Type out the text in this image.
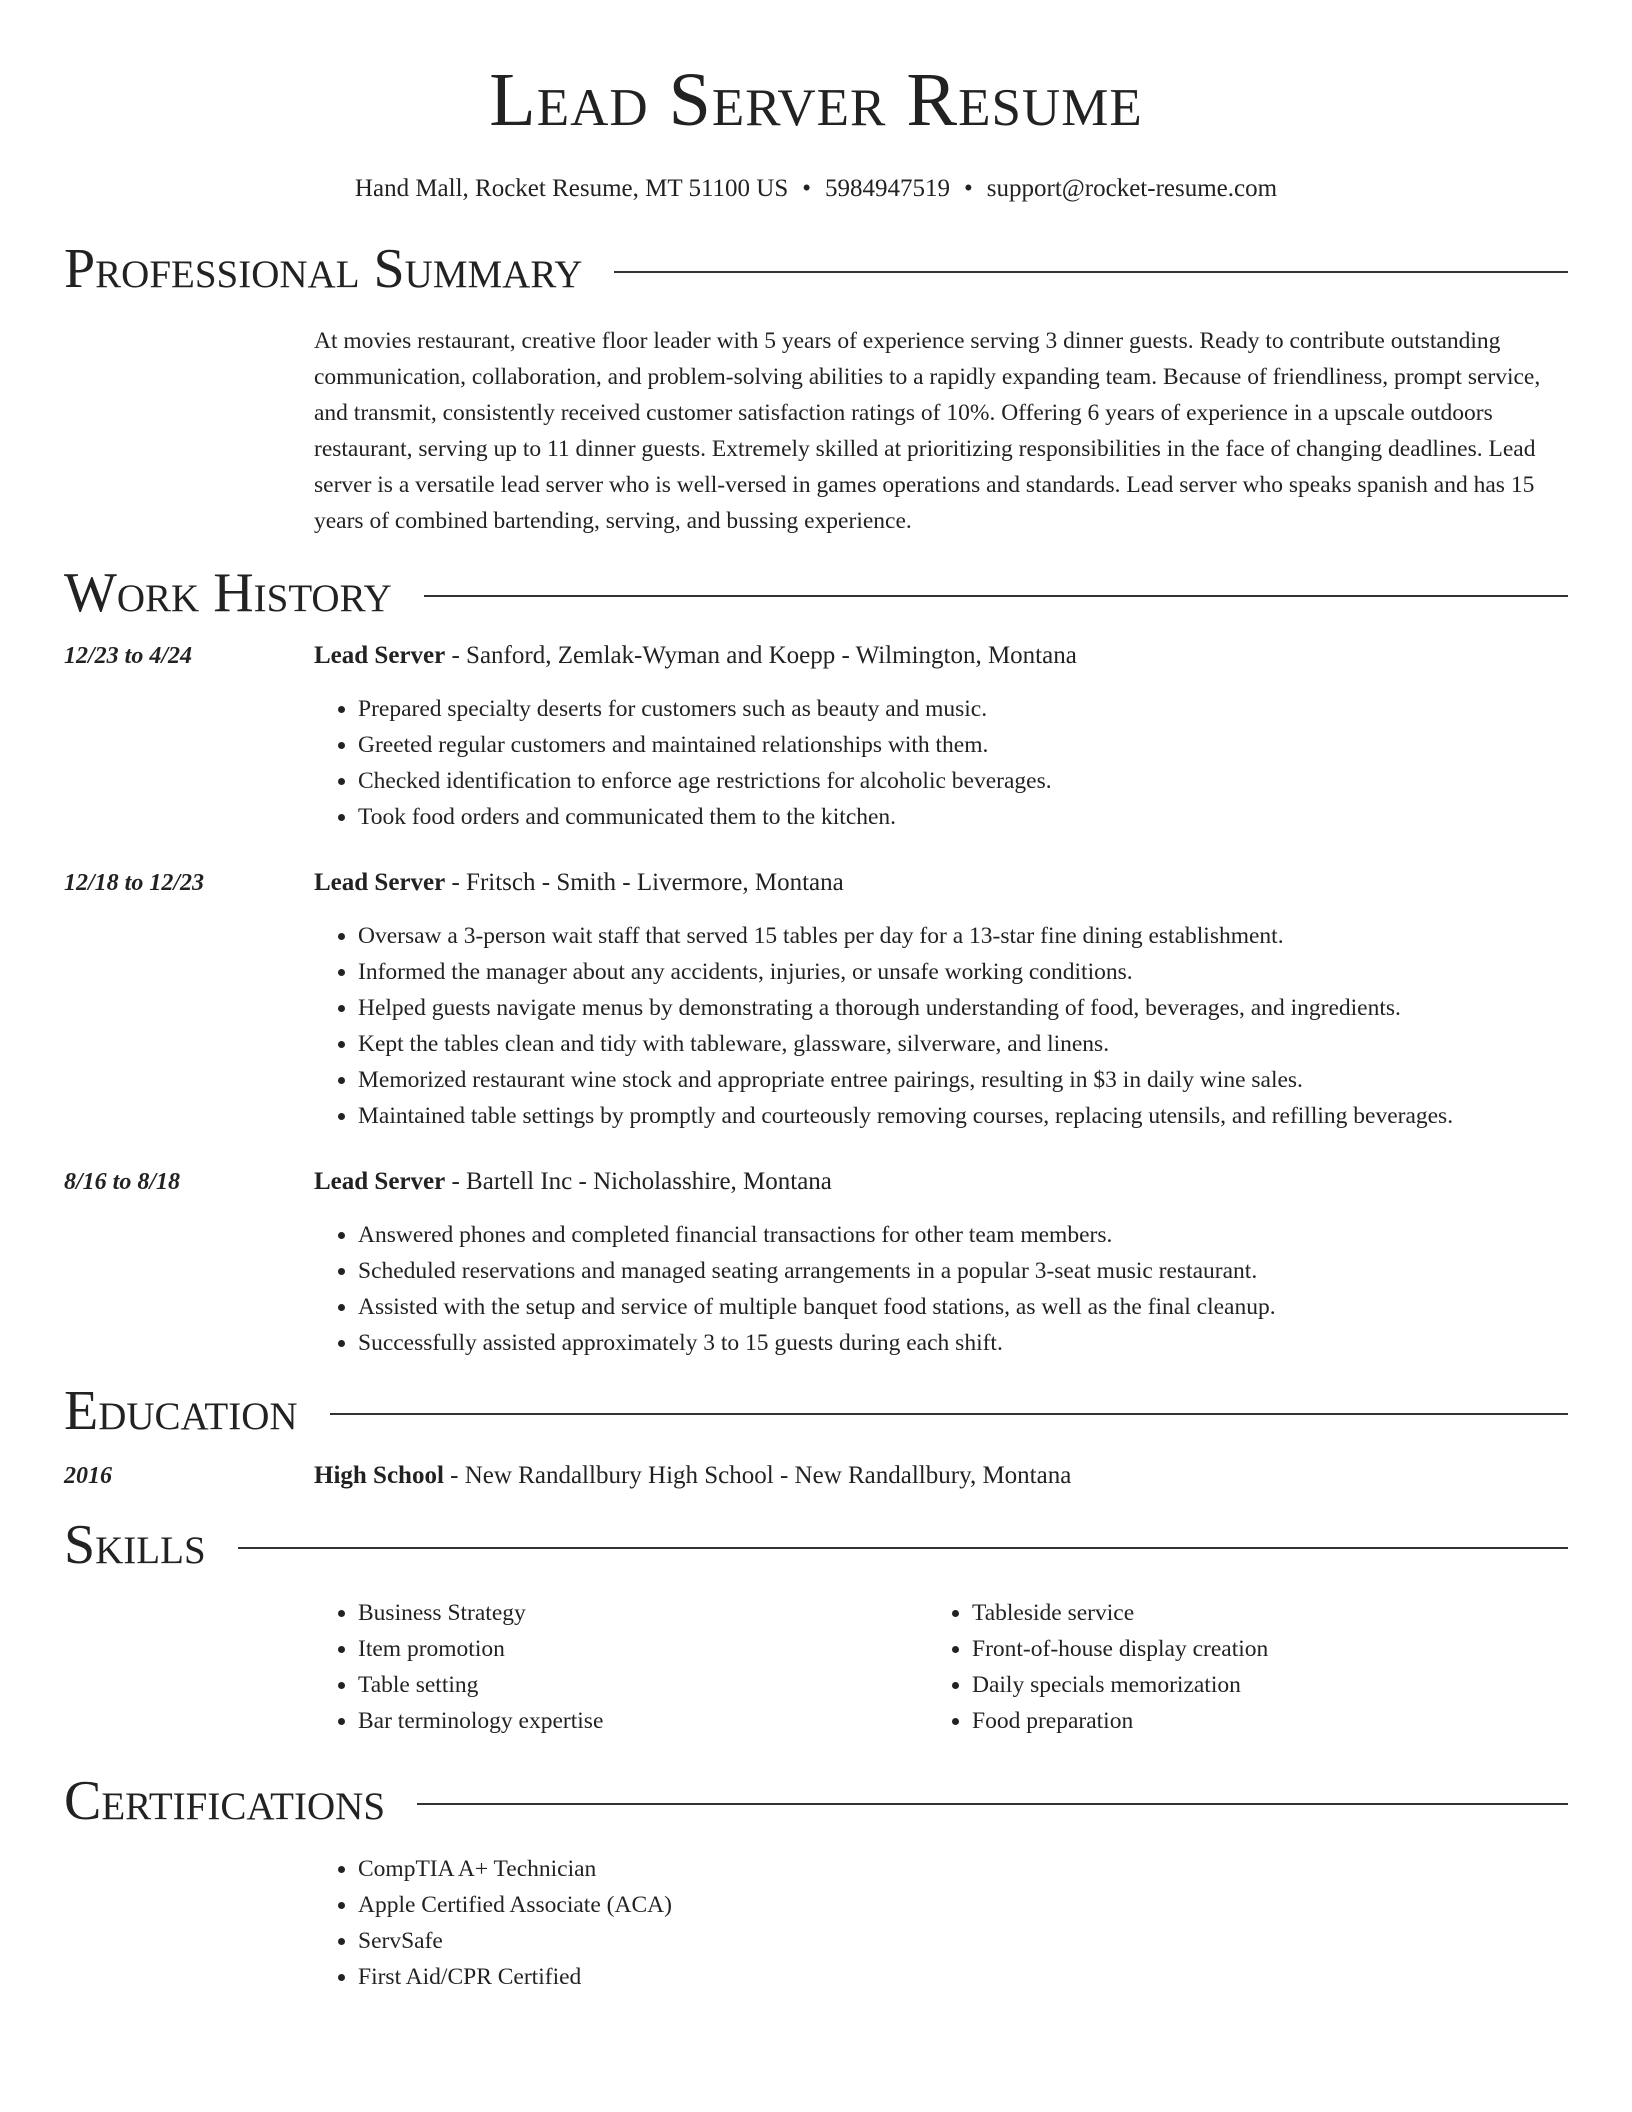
Lead Server Resume
Hand Mall, Rocket Resume, MT 51100 US • 5984947519 • support@rocket-resume.com
Professional Summary

At movies restaurant, creative floor leader with 5 years of experience serving 3 dinner guests. Ready to contribute outstanding communication, collaboration, and problem-solving abilities to a rapidly expanding team. Because of friendliness, prompt service, and transmit, consistently received customer satisfaction ratings of 10%. Offering 6 years of experience in a upscale outdoors restaurant, serving up to 11 dinner guests. Extremely skilled at prioritizing responsibilities in the face of changing deadlines. Lead server is a versatile lead server who is well-versed in games operations and standards. Lead server who speaks spanish and has 15 years of combined bartending, serving, and bussing experience.

Work History
12/23 to 4/24	Lead Server - Sanford, Zemlak-Wyman and Koepp - Wilmington, Montana
• Prepared specialty deserts for customers such as beauty and music.
• Greeted regular customers and maintained relationships with them.
• Checked identification to enforce age restrictions for alcoholic beverages.
• Took food orders and communicated them to the kitchen.
12/18 to 12/23	Lead Server - Fritsch - Smith - Livermore, Montana
• Oversaw a 3-person wait staff that served 15 tables per day for a 13-star fine dining establishment.
• Informed the manager about any accidents, injuries, or unsafe working conditions.
• Helped guests navigate menus by demonstrating a thorough understanding of food, beverages, and ingredients.
• Kept the tables clean and tidy with tableware, glassware, silverware, and linens.
• Memorized restaurant wine stock and appropriate entree pairings, resulting in $3 in daily wine sales.
• Maintained table settings by promptly and courteously removing courses, replacing utensils, and refilling beverages.
8/16 to 8/18	Lead Server - Bartell Inc - Nicholasshire, Montana
• Answered phones and completed financial transactions for other team members.
• Scheduled reservations and managed seating arrangements in a popular 3-seat music restaurant.
• Assisted with the setup and service of multiple banquet food stations, as well as the final cleanup.
• Successfully assisted approximately 3 to 15 guests during each shift.
Education
2016	High School - New Randallbury High School - New Randallbury, Montana
Skills
• Business Strategy
• Item promotion
• Table setting
• Bar terminology expertise
• Tableside service
• Front-of-house display creation
• Daily specials memorization
• Food preparation
Certifications
• CompTIA A+ Technician
• Apple Certified Associate (ACA)
• ServSafe
• First Aid/CPR Certified
